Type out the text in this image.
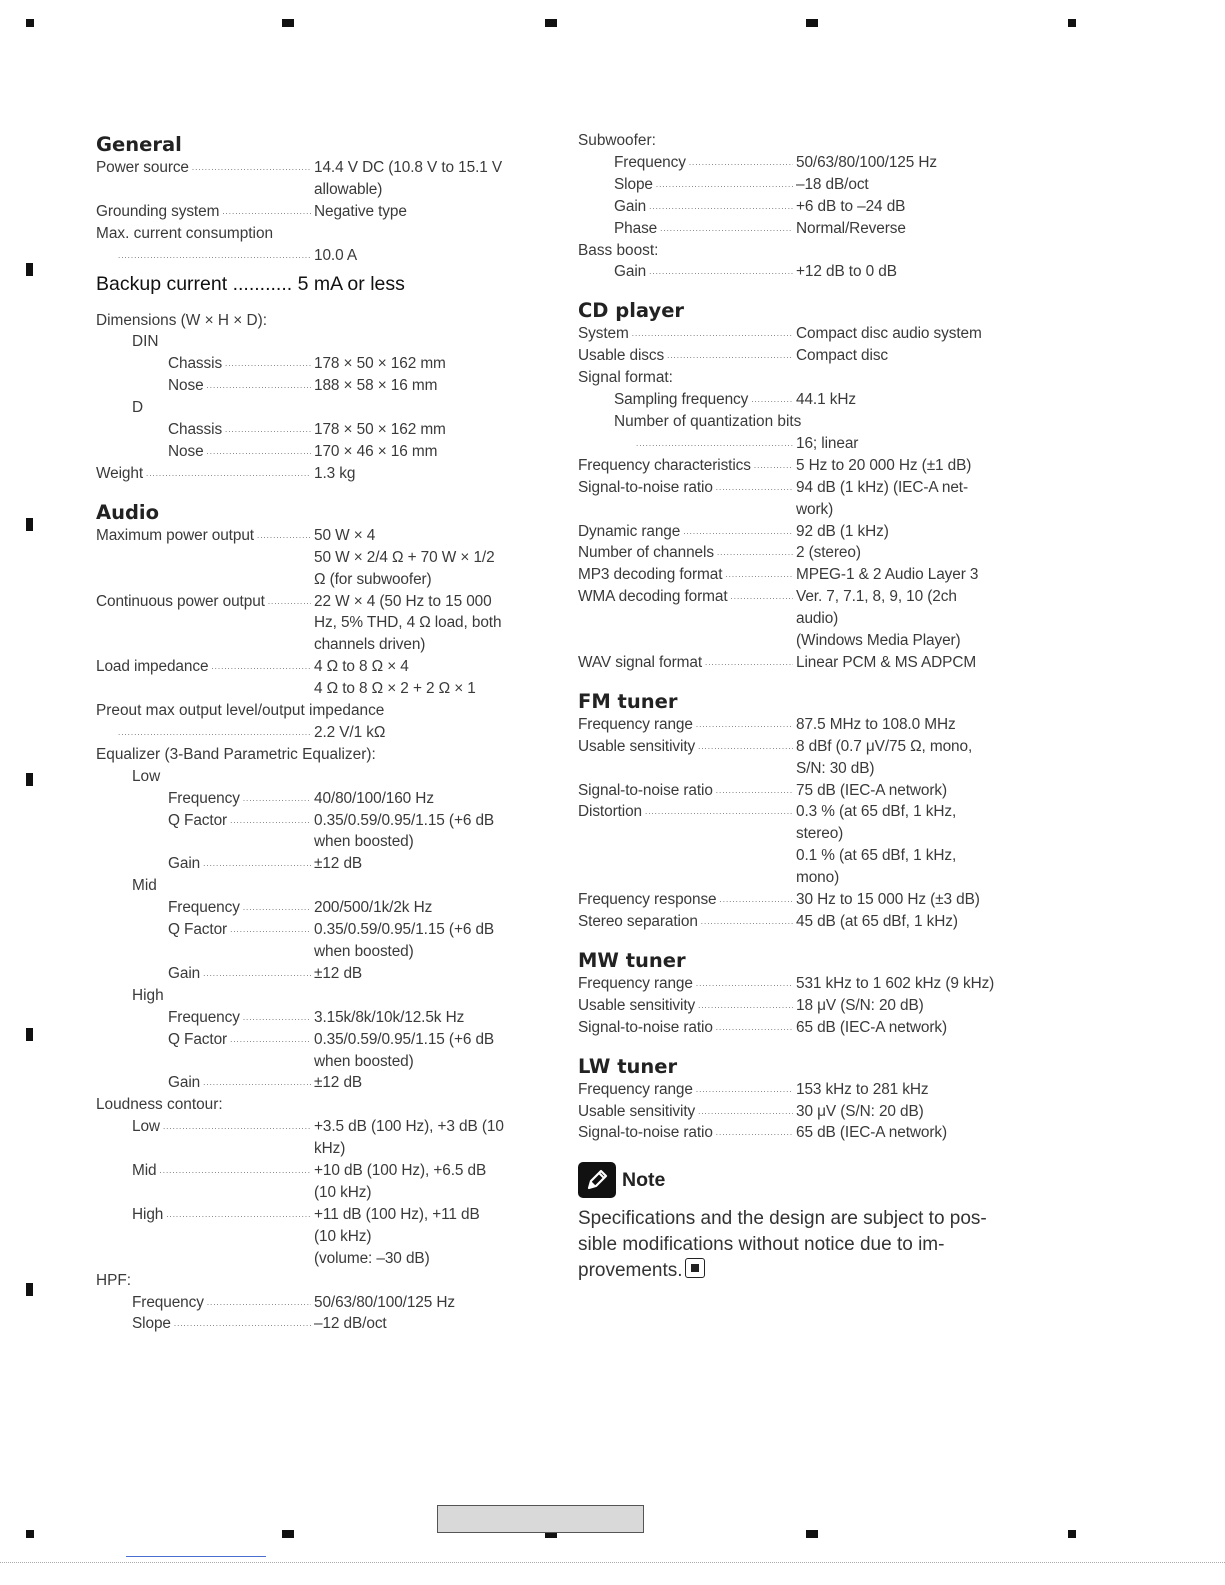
General
Power source .....	14.4 V DC (10.8 V to 15.1 V
allowable)
Grounding system .....	Negative type
Max. current consumption
.....
10.0 A
Backup current ........... 5 mA or less
Dimensions (W × H × D):
DIN
Chassis .....	178 × 50 × 162 mm
Nose .....	188 × 58 × 16 mm
D
Chassis .....	178 × 50 × 162 mm
Nose .....	170 × 46 × 16 mm
Weight .....	1.3 kg
Audio
Maximum power output .....	50 W × 4
50 W × 2/4 Ω + 70 W × 1/2
Ω (for subwoofer)
Continuous power output .....	22 W × 4 (50 Hz to 15 000
Hz, 5% THD, 4 Ω load, both
channels driven)
Load impedance .....	4 Ω to 8 Ω × 4
4 Ω to 8 Ω × 2 + 2 Ω × 1
Preout max output level/output impedance
.....
2.2 V/1 kΩ
Equalizer (3-Band Parametric Equalizer):
Low
Frequency .....	40/80/100/160 Hz
Q Factor .....	0.35/0.59/0.95/1.15 (+6 dB
when boosted)
Gain .....	±12 dB
Mid
Frequency .....	200/500/1k/2k Hz
Q Factor .....	0.35/0.59/0.95/1.15 (+6 dB
when boosted)
Gain .....	±12 dB
High
Frequency .....	3.15k/8k/10k/12.5k Hz
Q Factor .....	0.35/0.59/0.95/1.15 (+6 dB
when boosted)
Gain .....	±12 dB
Loudness contour:
Low .....	+3.5 dB (100 Hz), +3 dB (10
kHz)
Mid .....	+10 dB (100 Hz), +6.5 dB
(10 kHz)
High .....	+11 dB (100 Hz), +11 dB
(10 kHz)
(volume: –30 dB)
HPF:
Frequency .....	50/63/80/100/125 Hz
Slope .....	–12 dB/oct
Subwoofer:
Frequency .....	50/63/80/100/125 Hz
Slope .....	–18 dB/oct
Gain .....	+6 dB to –24 dB
Phase .....	Normal/Reverse
Bass boost:
Gain .....	+12 dB to 0 dB
CD player
System .....	Compact disc audio system
Usable discs .....	Compact disc
Signal format:
Sampling frequency .....	44.1 kHz
Number of quantization bits
.....
16; linear
Frequency characteristics .....	5 Hz to 20 000 Hz (±1 dB)
Signal-to-noise ratio .....	94 dB (1 kHz) (IEC-A net-
work)
Dynamic range .....	92 dB (1 kHz)
Number of channels .....	2 (stereo)
MP3 decoding format .....	MPEG-1 & 2 Audio Layer 3
WMA decoding format .....	Ver. 7, 7.1, 8, 9, 10 (2ch
audio)
(Windows Media Player)
WAV signal format .....	Linear PCM & MS ADPCM
FM tuner
Frequency range .....	87.5 MHz to 108.0 MHz
Usable sensitivity .....	8 dBf (0.7 μV/75 Ω, mono,
S/N: 30 dB)
Signal-to-noise ratio .....	75 dB (IEC-A network)
Distortion .....	0.3 % (at 65 dBf, 1 kHz,
stereo)
0.1 % (at 65 dBf, 1 kHz,
mono)
Frequency response .....	30 Hz to 15 000 Hz (±3 dB)
Stereo separation .....	45 dB (at 65 dBf, 1 kHz)
MW tuner
Frequency range .....	531 kHz to 1 602 kHz (9 kHz)
Usable sensitivity .....	18 μV (S/N: 20 dB)
Signal-to-noise ratio .....	65 dB (IEC-A network)
LW tuner
Frequency range .....	153 kHz to 281 kHz
Usable sensitivity .....	30 μV (S/N: 20 dB)
Signal-to-noise ratio .....	65 dB (IEC-A network)
Note
Specifications and the design are subject to pos- sible modifications without notice due to im- provements.
